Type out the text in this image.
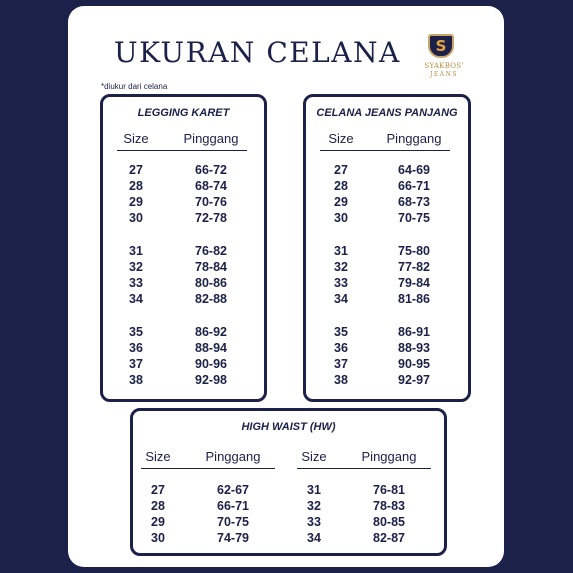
UKURAN CELANA	S
SYAKBOS'
JEANS
*diukur dari celana
LEGGING KARET
Size	Pinggang
27	66-72
28	68-74
29	70-76
30	72-78
31	76-82
32	78-84
33	80-86
34	82-88
35	86-92
36	88-94
37	90-96
38	92-98
CELANA JEANS PANJANG
Size	Pinggang
27	64-69
28	66-71
29	68-73
30	70-75
31	75-80
32	77-82
33	79-84
34	81-86
35	86-91
36	88-93
37	90-95
38	92-97
HIGH WAIST (HW)
Size	Pinggang
27	62-67
28	66-71
29	70-75
30	74-79
Size	Pinggang
31	76-81
32	78-83
33	80-85
34	82-87
